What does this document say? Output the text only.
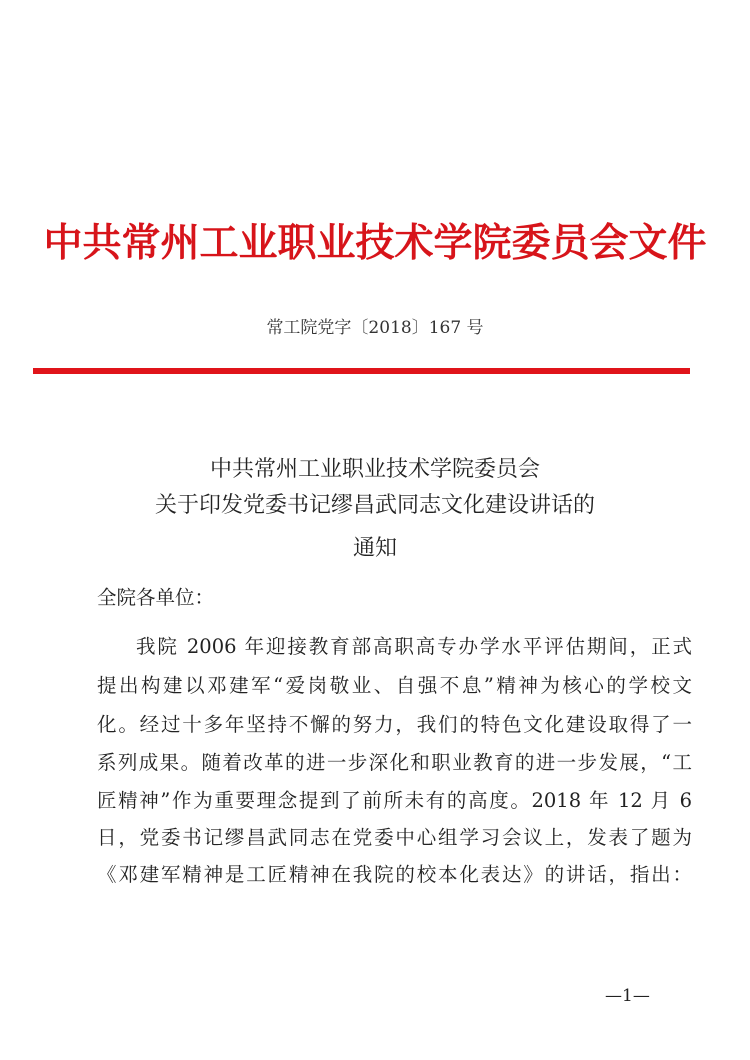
中共常州工业职业技术学院委员会文件
常工院党字〔2018〕167 号
中共常州工业职业技术学院委员会
关于印发党委书记缪昌武同志文化建设讲话的
通知
全院各单位：
我院 2006 年迎接教育部高职高专办学水平评估期间，正式
提出构建以邓建军“爱岗敬业、自强不息”精神为核心的学校文
化。经过十多年坚持不懈的努力，我们的特色文化建设取得了一
系列成果。随着改革的进一步深化和职业教育的进一步发展，“工
匠精神”作为重要理念提到了前所未有的高度。2018 年 12 月 6
日，党委书记缪昌武同志在党委中心组学习会议上，发表了题为
《邓建军精神是工匠精神在我院的校本化表达》的讲话，指出：
—1—
